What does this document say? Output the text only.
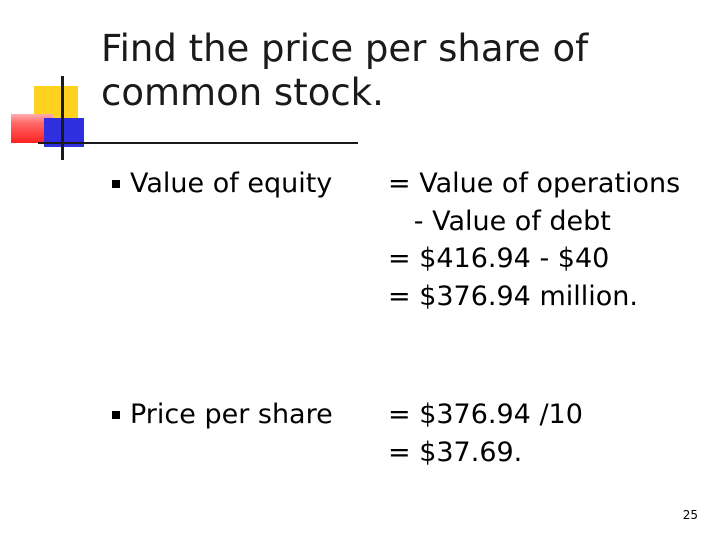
Find the price per share of
common stock.
Value of equity = Value of operations
- Value of debt
= $416.94 - $40
= $376.94 million.
Price per share = $376.94 /10
= $37.69.
25
